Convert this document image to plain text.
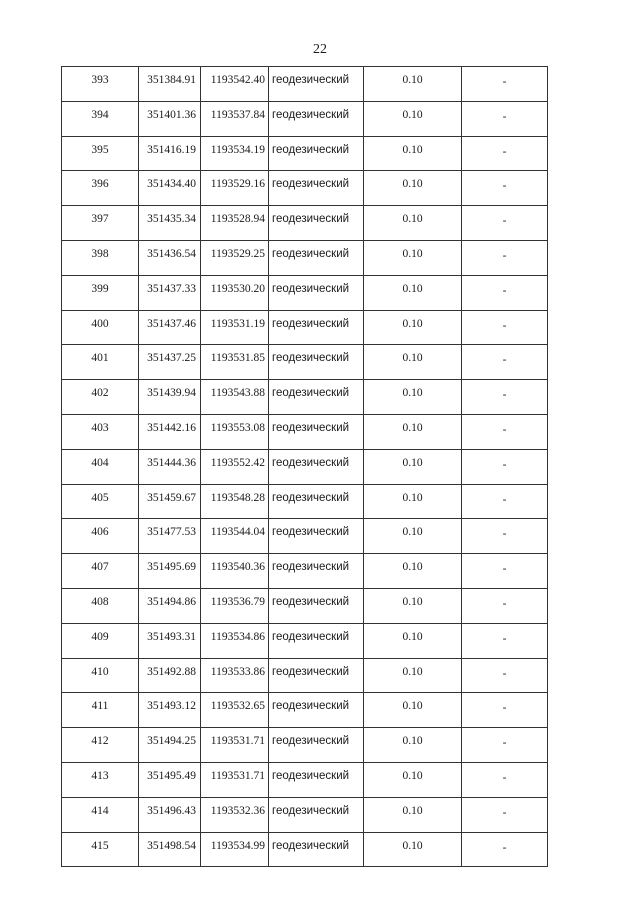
22
393	351384.91	1193542.40	геодезический	0.10	-

394	351401.36	1193537.84	геодезический	0.10	-

395	351416.19	1193534.19	геодезический	0.10	-

396	351434.40	1193529.16	геодезический	0.10	-

397	351435.34	1193528.94	геодезический	0.10	-

398	351436.54	1193529.25	геодезический	0.10	-

399	351437.33	1193530.20	геодезический	0.10	-

400	351437.46	1193531.19	геодезический	0.10	-

401	351437.25	1193531.85	геодезический	0.10	-

402	351439.94	1193543.88	геодезический	0.10	-

403	351442.16	1193553.08	геодезический	0.10	-

404	351444.36	1193552.42	геодезический	0.10	-

405	351459.67	1193548.28	геодезический	0.10	-

406	351477.53	1193544.04	геодезический	0.10	-

407	351495.69	1193540.36	геодезический	0.10	-

408	351494.86	1193536.79	геодезический	0.10	-

409	351493.31	1193534.86	геодезический	0.10	-

410	351492.88	1193533.86	геодезический	0.10	-

411	351493.12	1193532.65	геодезический	0.10	-

412	351494.25	1193531.71	геодезический	0.10	-

413	351495.49	1193531.71	геодезический	0.10	-

414	351496.43	1193532.36	геодезический	0.10	-

415	351498.54	1193534.99	геодезический	0.10	-
